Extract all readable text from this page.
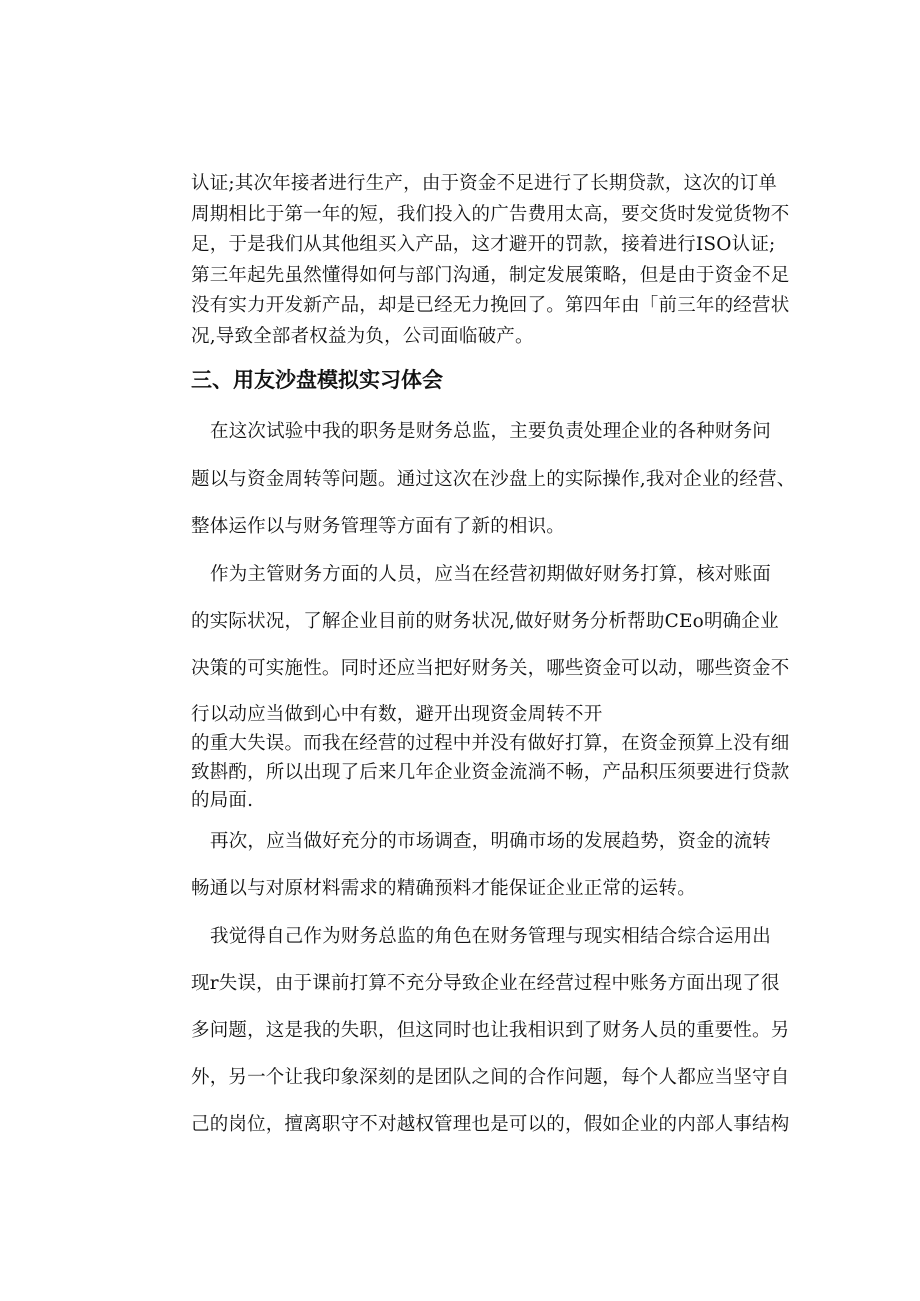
认证;其次年接者进行生产，由于资金不足进行了长期贷款，这次的订单

周期相比于第一年的短，我们投入的广告费用太高，要交货时发觉货物不

足，于是我们从其他组买入产品，这才避开的罚款，接着进行ISO认证;

第三年起先虽然懂得如何与部门沟通，制定发展策略，但是由于资金不足

没有实力开发新产品，却是已经无力挽回了。第四年由「前三年的经营状

况,导致全部者权益为负，公司面临破产。

三、用友沙盘模拟实习体会

在这次试验中我的职务是财务总监，主要负责处理企业的各种财务问

题以与资金周转等问题。通过这次在沙盘上的实际操作,我对企业的经营、

整体运作以与财务管理等方面有了新的相识。

作为主管财务方面的人员，应当在经营初期做好财务打算，核对账面

的实际状况，了解企业目前的财务状况,做好财务分析帮助CEo明确企业

决策的可实施性。同时还应当把好财务关，哪些资金可以动，哪些资金不

行以动应当做到心中有数，避开出现资金周转不开

的重大失误。而我在经营的过程中并没有做好打算，在资金预算上没有细

致斟酌，所以出现了后来几年企业资金流淌不畅，产品积压须要进行贷款

的局面.

再次，应当做好充分的市场调查，明确市场的发展趋势，资金的流转

畅通以与对原材料需求的精确预料才能保证企业正常的运转。

我觉得自己作为财务总监的角色在财务管理与现实相结合综合运用出

现r失误，由于课前打算不充分导致企业在经营过程中账务方面出现了很

多问题，这是我的失职，但这同时也让我相识到了财务人员的重要性。另

外，另一个让我印象深刻的是团队之间的合作问题，每个人都应当坚守自

己的岗位，擅离职守不对越权管理也是可以的，假如企业的内部人事结构
